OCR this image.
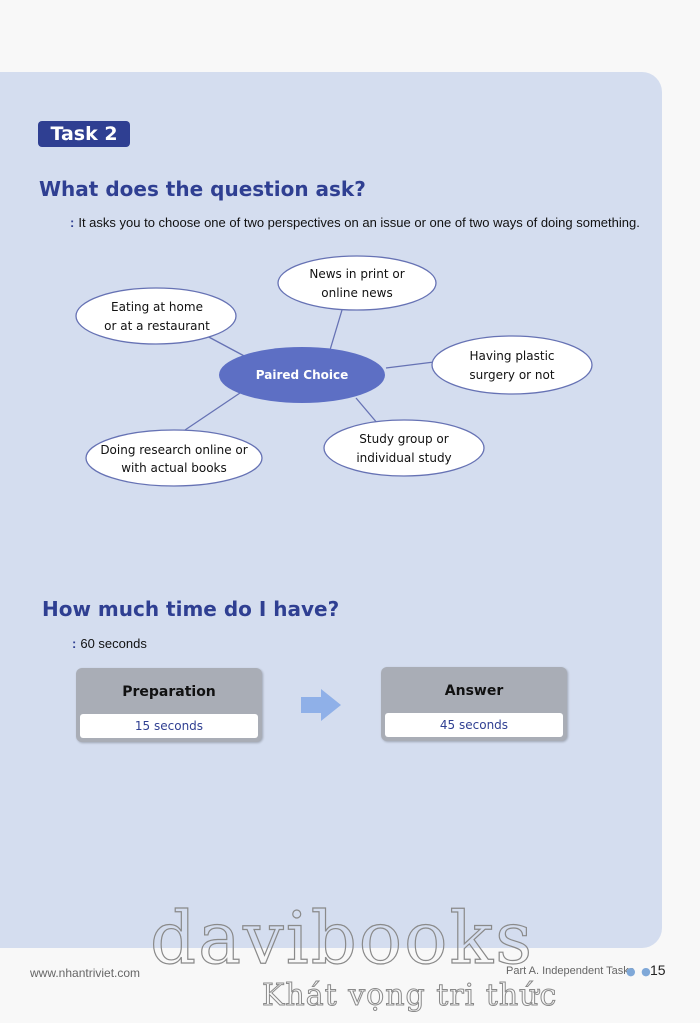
Task 2
What does the question ask?
: It asks you to choose one of two perspectives on an issue or one of two ways of doing something.
Paired Choice
News in print or
online news
Eating at home
or at a restaurant
Having plastic
surgery or not
Doing research online or
with actual books
Study group or
individual study
How much time do I have?
: 60 seconds
Preparation
15 seconds
Answer
45 seconds
davibooks
Khát vọng tri thức
www.nhantriviet.com	Part A. Independent Tasks
● ●
15
